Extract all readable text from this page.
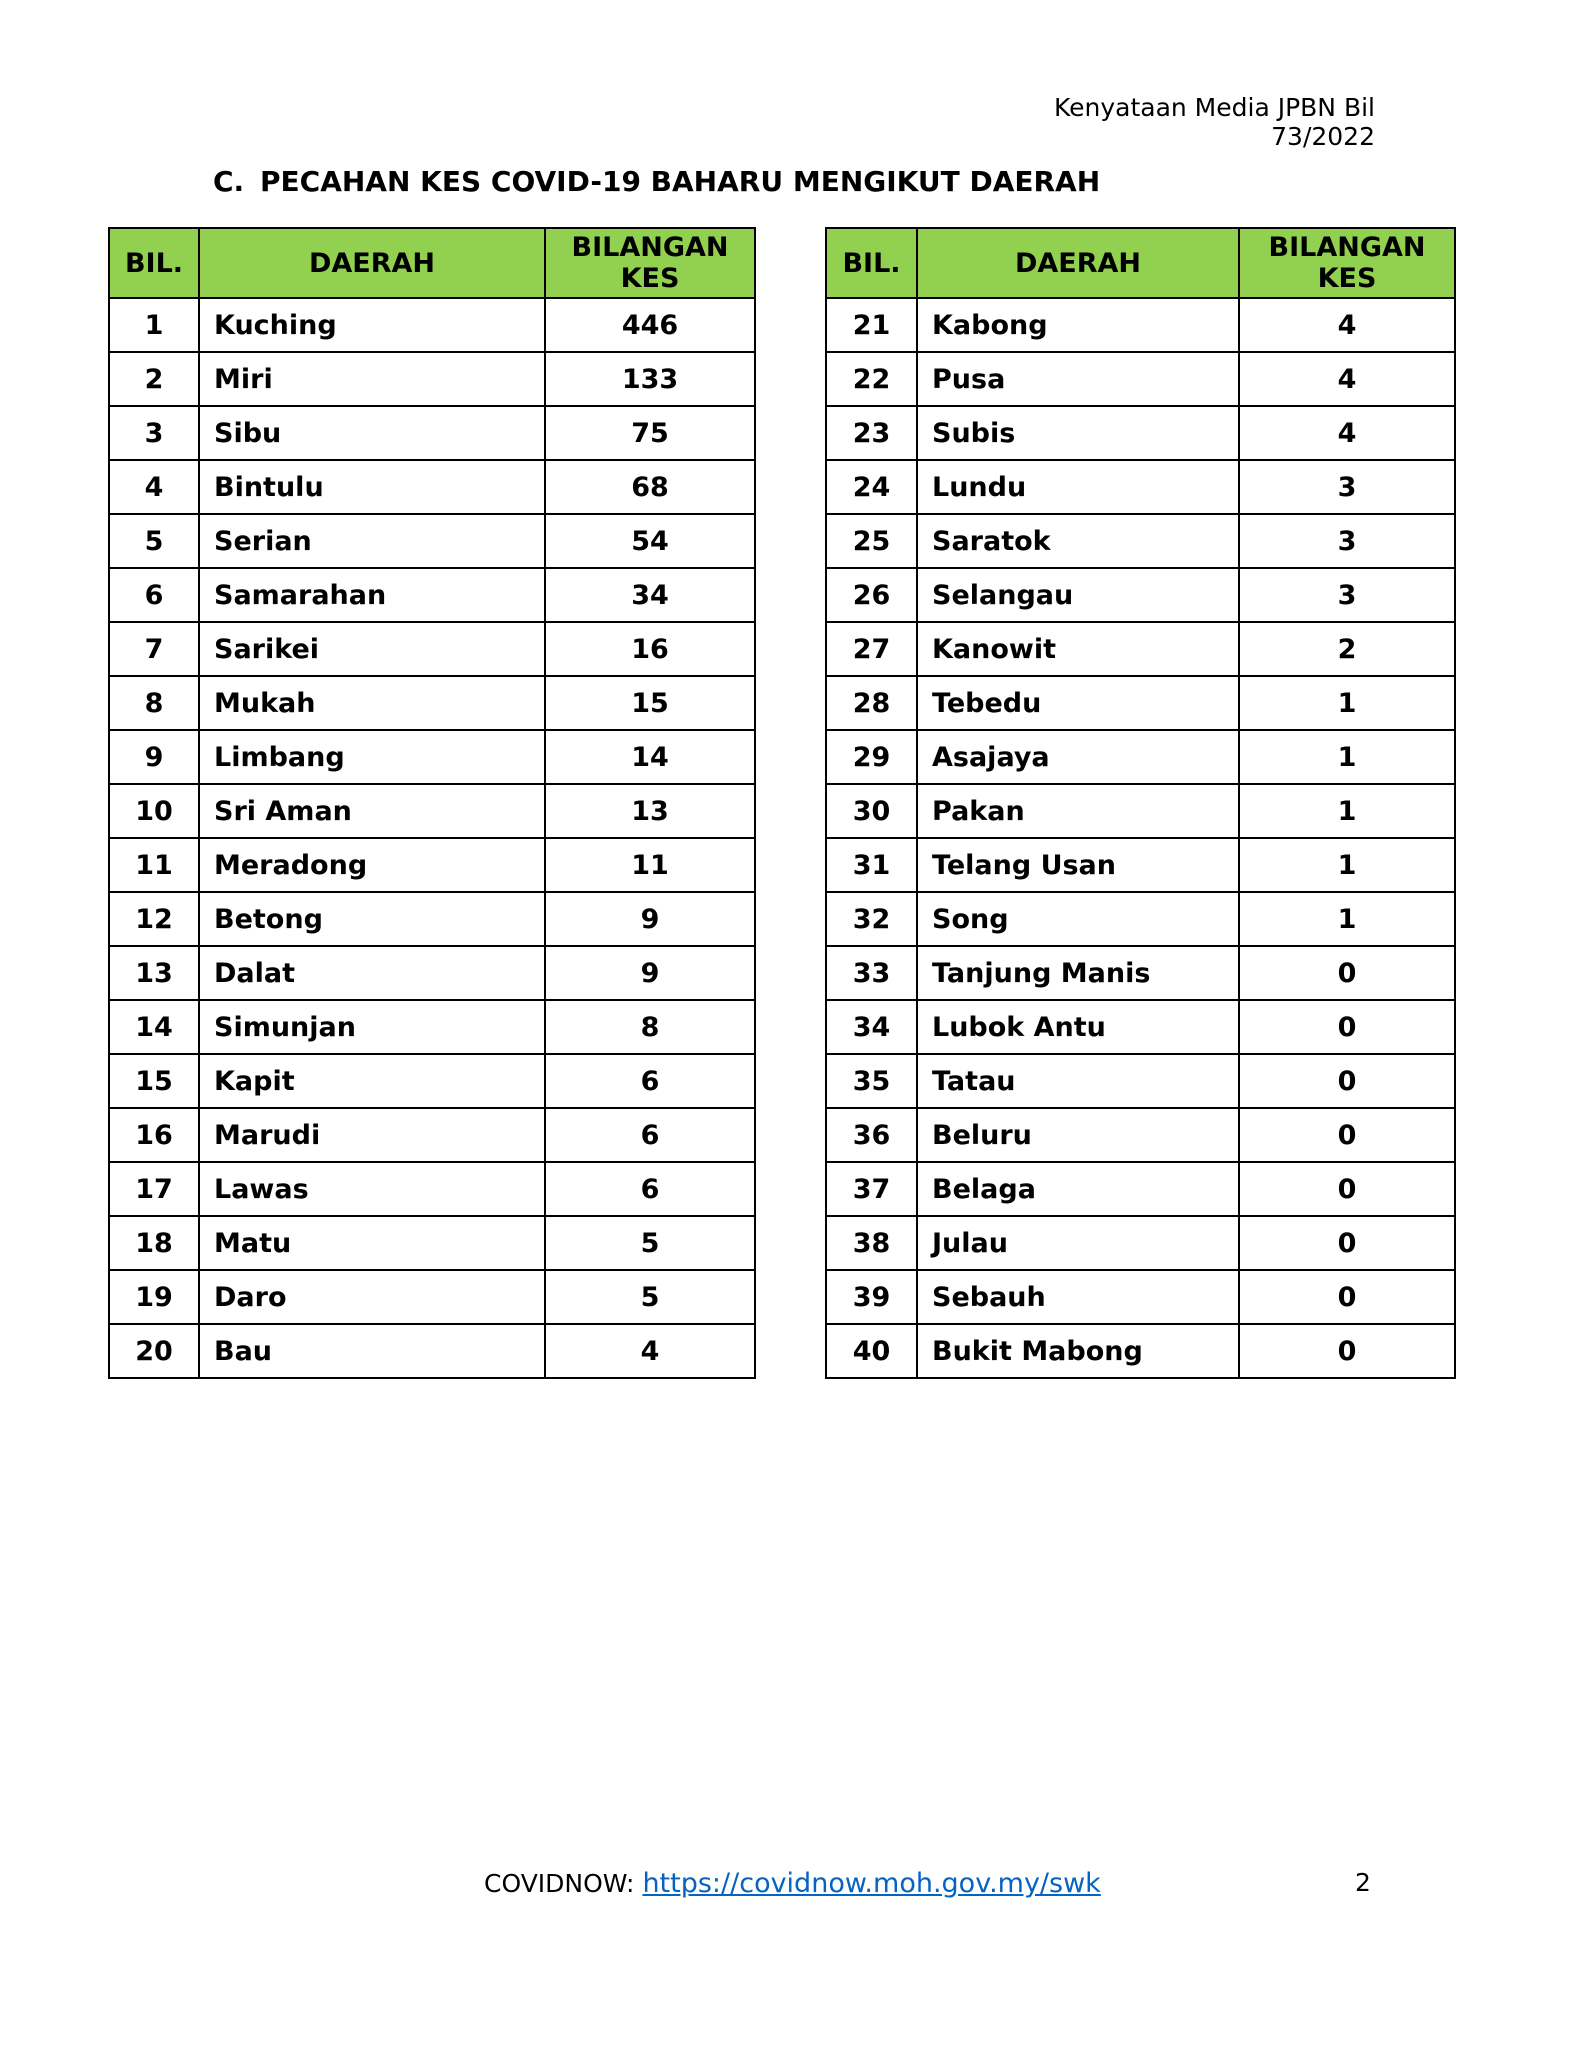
Kenyataan Media JPBN Bil 73/2022
C. PECAHAN KES COVID-19 BAHARU MENGIKUT DAERAH
BIL.	DAERAH	BILANGAN
KES
1	Kuching	446
2	Miri	133
3	Sibu	75
4	Bintulu	68
5	Serian	54
6	Samarahan	34
7	Sarikei	16
8	Mukah	15
9	Limbang	14
10	Sri Aman	13
11	Meradong	11
12	Betong	9
13	Dalat	9
14	Simunjan	8
15	Kapit	6
16	Marudi	6
17	Lawas	6
18	Matu	5
19	Daro	5
20	Bau	4
BIL.	DAERAH	BILANGAN
KES
21	Kabong	4
22	Pusa	4
23	Subis	4
24	Lundu	3
25	Saratok	3
26	Selangau	3
27	Kanowit	2
28	Tebedu	1
29	Asajaya	1
30	Pakan	1
31	Telang Usan	1
32	Song	1
33	Tanjung Manis	0
34	Lubok Antu	0
35	Tatau	0
36	Beluru	0
37	Belaga	0
38	Julau	0
39	Sebauh	0
40	Bukit Mabong	0
COVIDNOW: https://covidnow.moh.gov.my/swk	2
